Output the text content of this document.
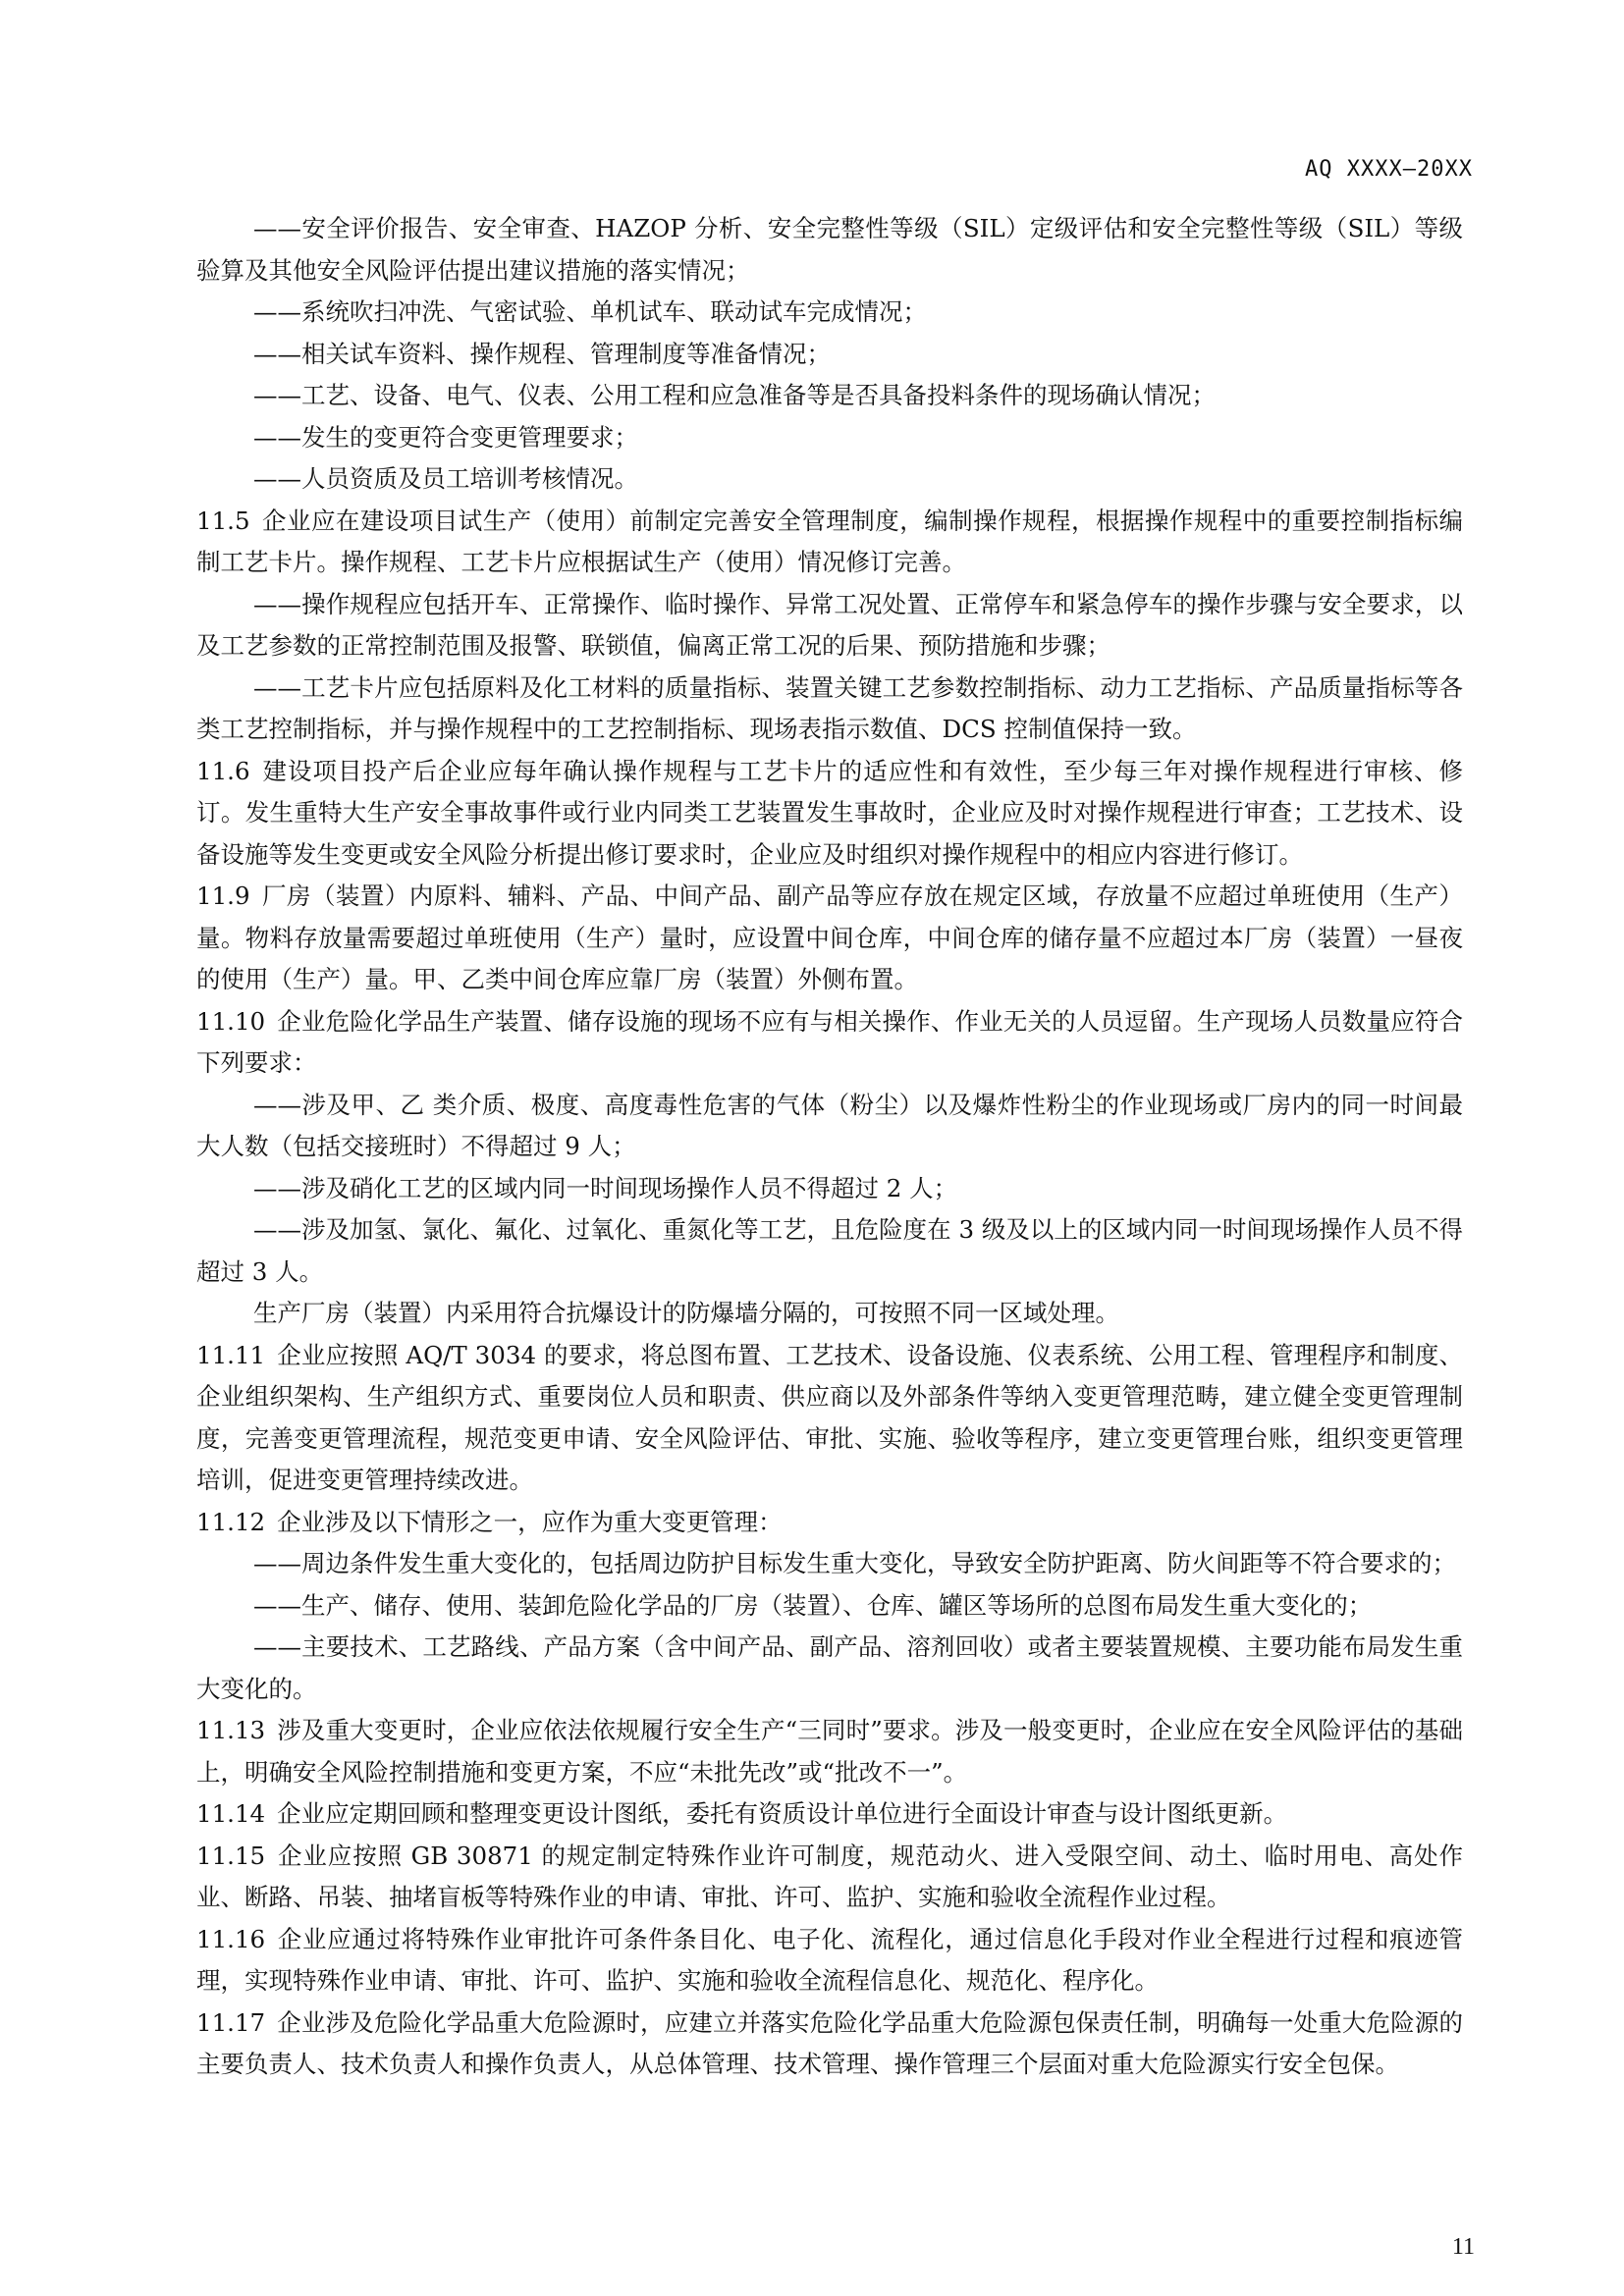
AQ XXXX—20XX

——安全评价报告、安全审查、HAZOP 分析、安全完整性等级（SIL）定级评估和安全完整性等级（SIL）等级验算及其他安全风险评估提出建议措施的落实情况；

——系统吹扫冲洗、气密试验、单机试车、联动试车完成情况；

——相关试车资料、操作规程、管理制度等准备情况；

——工艺、设备、电气、仪表、公用工程和应急准备等是否具备投料条件的现场确认情况；

——发生的变更符合变更管理要求；

——人员资质及员工培训考核情况。

11.5 企业应在建设项目试生产（使用）前制定完善安全管理制度，编制操作规程，根据操作规程中的重要控制指标编制工艺卡片。操作规程、工艺卡片应根据试生产（使用）情况修订完善。

——操作规程应包括开车、正常操作、临时操作、异常工况处置、正常停车和紧急停车的操作步骤与安全要求，以及工艺参数的正常控制范围及报警、联锁值，偏离正常工况的后果、预防措施和步骤；

——工艺卡片应包括原料及化工材料的质量指标、装置关键工艺参数控制指标、动力工艺指标、产品质量指标等各类工艺控制指标，并与操作规程中的工艺控制指标、现场表指示数值、DCS 控制值保持一致。

11.6 建设项目投产后企业应每年确认操作规程与工艺卡片的适应性和有效性，至少每三年对操作规程进行审核、修订。发生重特大生产安全事故事件或行业内同类工艺装置发生事故时，企业应及时对操作规程进行审查；工艺技术、设备设施等发生变更或安全风险分析提出修订要求时，企业应及时组织对操作规程中的相应内容进行修订。

11.9 厂房（装置）内原料、辅料、产品、中间产品、副产品等应存放在规定区域，存放量不应超过单班使用（生产）量。物料存放量需要超过单班使用（生产）量时，应设置中间仓库，中间仓库的储存量不应超过本厂房（装置）一昼夜的使用（生产）量。甲、乙类中间仓库应靠厂房（装置）外侧布置。

11.10 企业危险化学品生产装置、储存设施的现场不应有与相关操作、作业无关的人员逗留。生产现场人员数量应符合下列要求：

——涉及甲、乙 类介质、极度、高度毒性危害的气体（粉尘）以及爆炸性粉尘的作业现场或厂房内的同一时间最大人数（包括交接班时）不得超过 9 人；

——涉及硝化工艺的区域内同一时间现场操作人员不得超过 2 人；

——涉及加氢、氯化、氟化、过氧化、重氮化等工艺，且危险度在 3 级及以上的区域内同一时间现场操作人员不得超过 3 人。

生产厂房（装置）内采用符合抗爆设计的防爆墙分隔的，可按照不同一区域处理。

11.11 企业应按照 AQ/T 3034 的要求，将总图布置、工艺技术、设备设施、仪表系统、公用工程、管理程序和制度、企业组织架构、生产组织方式、重要岗位人员和职责、供应商以及外部条件等纳入变更管理范畴，建立健全变更管理制度，完善变更管理流程，规范变更申请、安全风险评估、审批、实施、验收等程序，建立变更管理台账，组织变更管理培训，促进变更管理持续改进。

11.12 企业涉及以下情形之一，应作为重大变更管理：

——周边条件发生重大变化的，包括周边防护目标发生重大变化，导致安全防护距离、防火间距等不符合要求的；

——生产、储存、使用、装卸危险化学品的厂房（装置）、仓库、罐区等场所的总图布局发生重大变化的；

——主要技术、工艺路线、产品方案（含中间产品、副产品、溶剂回收）或者主要装置规模、主要功能布局发生重大变化的。

11.13 涉及重大变更时，企业应依法依规履行安全生产“三同时”要求。涉及一般变更时，企业应在安全风险评估的基础上，明确安全风险控制措施和变更方案，不应“未批先改”或“批改不一”。

11.14 企业应定期回顾和整理变更设计图纸，委托有资质设计单位进行全面设计审查与设计图纸更新。

11.15 企业应按照 GB 30871 的规定制定特殊作业许可制度，规范动火、进入受限空间、动土、临时用电、高处作业、断路、吊装、抽堵盲板等特殊作业的申请、审批、许可、监护、实施和验收全流程作业过程。

11.16 企业应通过将特殊作业审批许可条件条目化、电子化、流程化，通过信息化手段对作业全程进行过程和痕迹管理，实现特殊作业申请、审批、许可、监护、实施和验收全流程信息化、规范化、程序化。

11.17 企业涉及危险化学品重大危险源时，应建立并落实危险化学品重大危险源包保责任制，明确每一处重大危险源的主要负责人、技术负责人和操作负责人，从总体管理、技术管理、操作管理三个层面对重大危险源实行安全包保。

11
